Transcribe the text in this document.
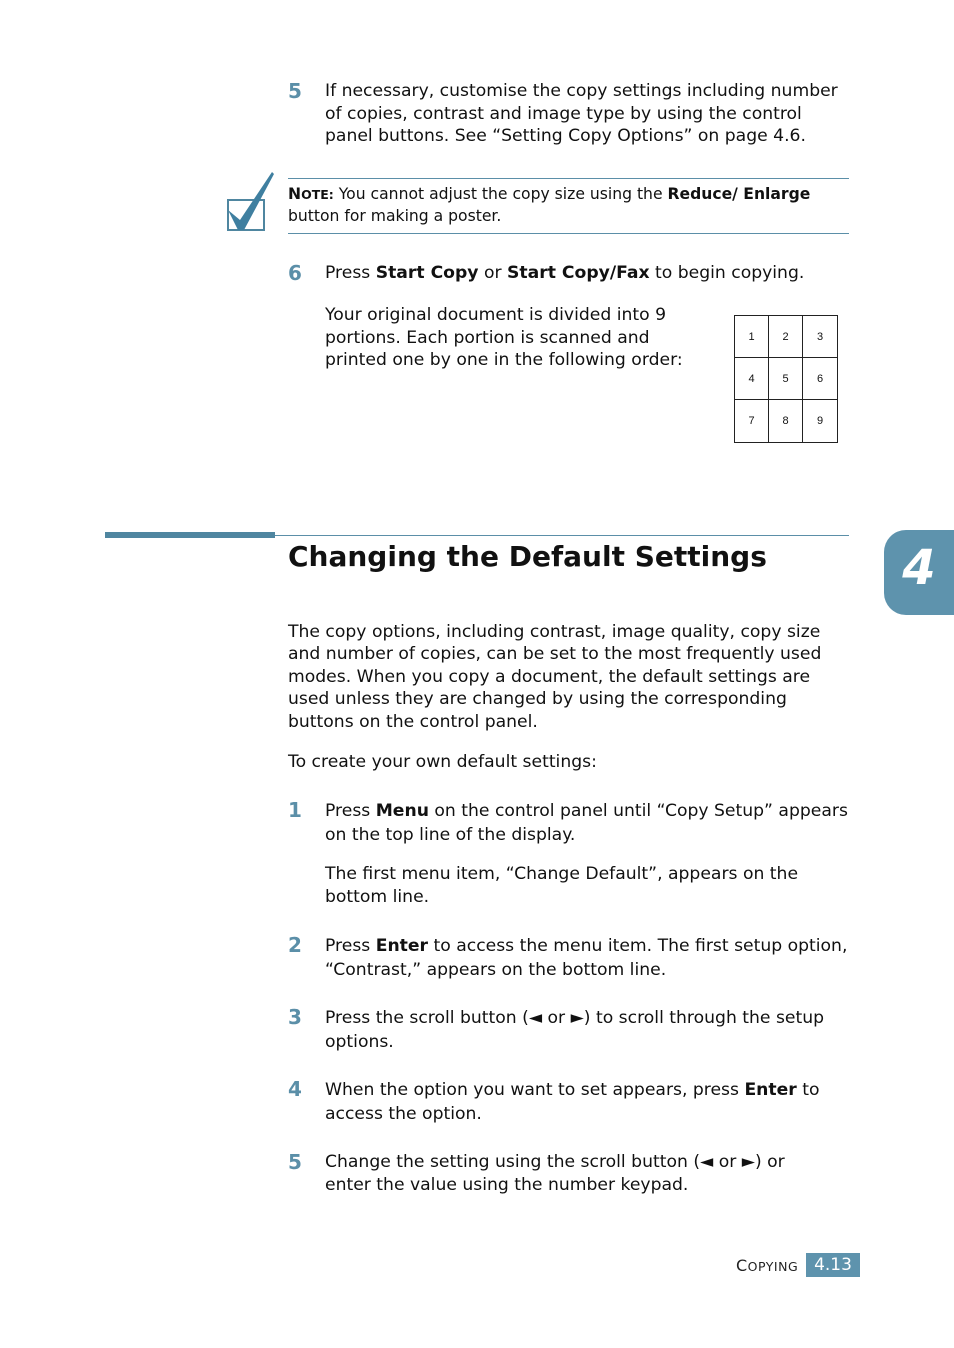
5	If necessary, customise the copy settings including number of copies, contrast and image type by using the control panel buttons. See “Setting Copy Options” on page 4.6.
NOTE: You cannot adjust the copy size using the Reduce/ Enlarge button for making a poster.
6	Press Start Copy or Start Copy/Fax to begin copying.
Your original document is divided into 9 portions. Each portion is scanned and printed one by one in the following order:
1	2	3
4	5	6
7	8	9
Changing the Default Settings	4
The copy options, including contrast, image quality, copy size and number of copies, can be set to the most frequently used modes. When you copy a document, the default settings are used unless they are changed by using the corresponding buttons on the control panel.
To create your own default settings:
1	Press Menu on the control panel until “Copy Setup” appears on the top line of the display.
The first menu item, “Change Default”, appears on the bottom line.
2	Press Enter to access the menu item. The first setup option, “Contrast,” appears on the bottom line.
3	Press the scroll button (◄ or ►) to scroll through the setup options.
4	When the option you want to set appears, press Enter to access the option.
5	Change the setting using the scroll button (◄ or ►) or enter the value using the number keypad.
COPYING 4.13
